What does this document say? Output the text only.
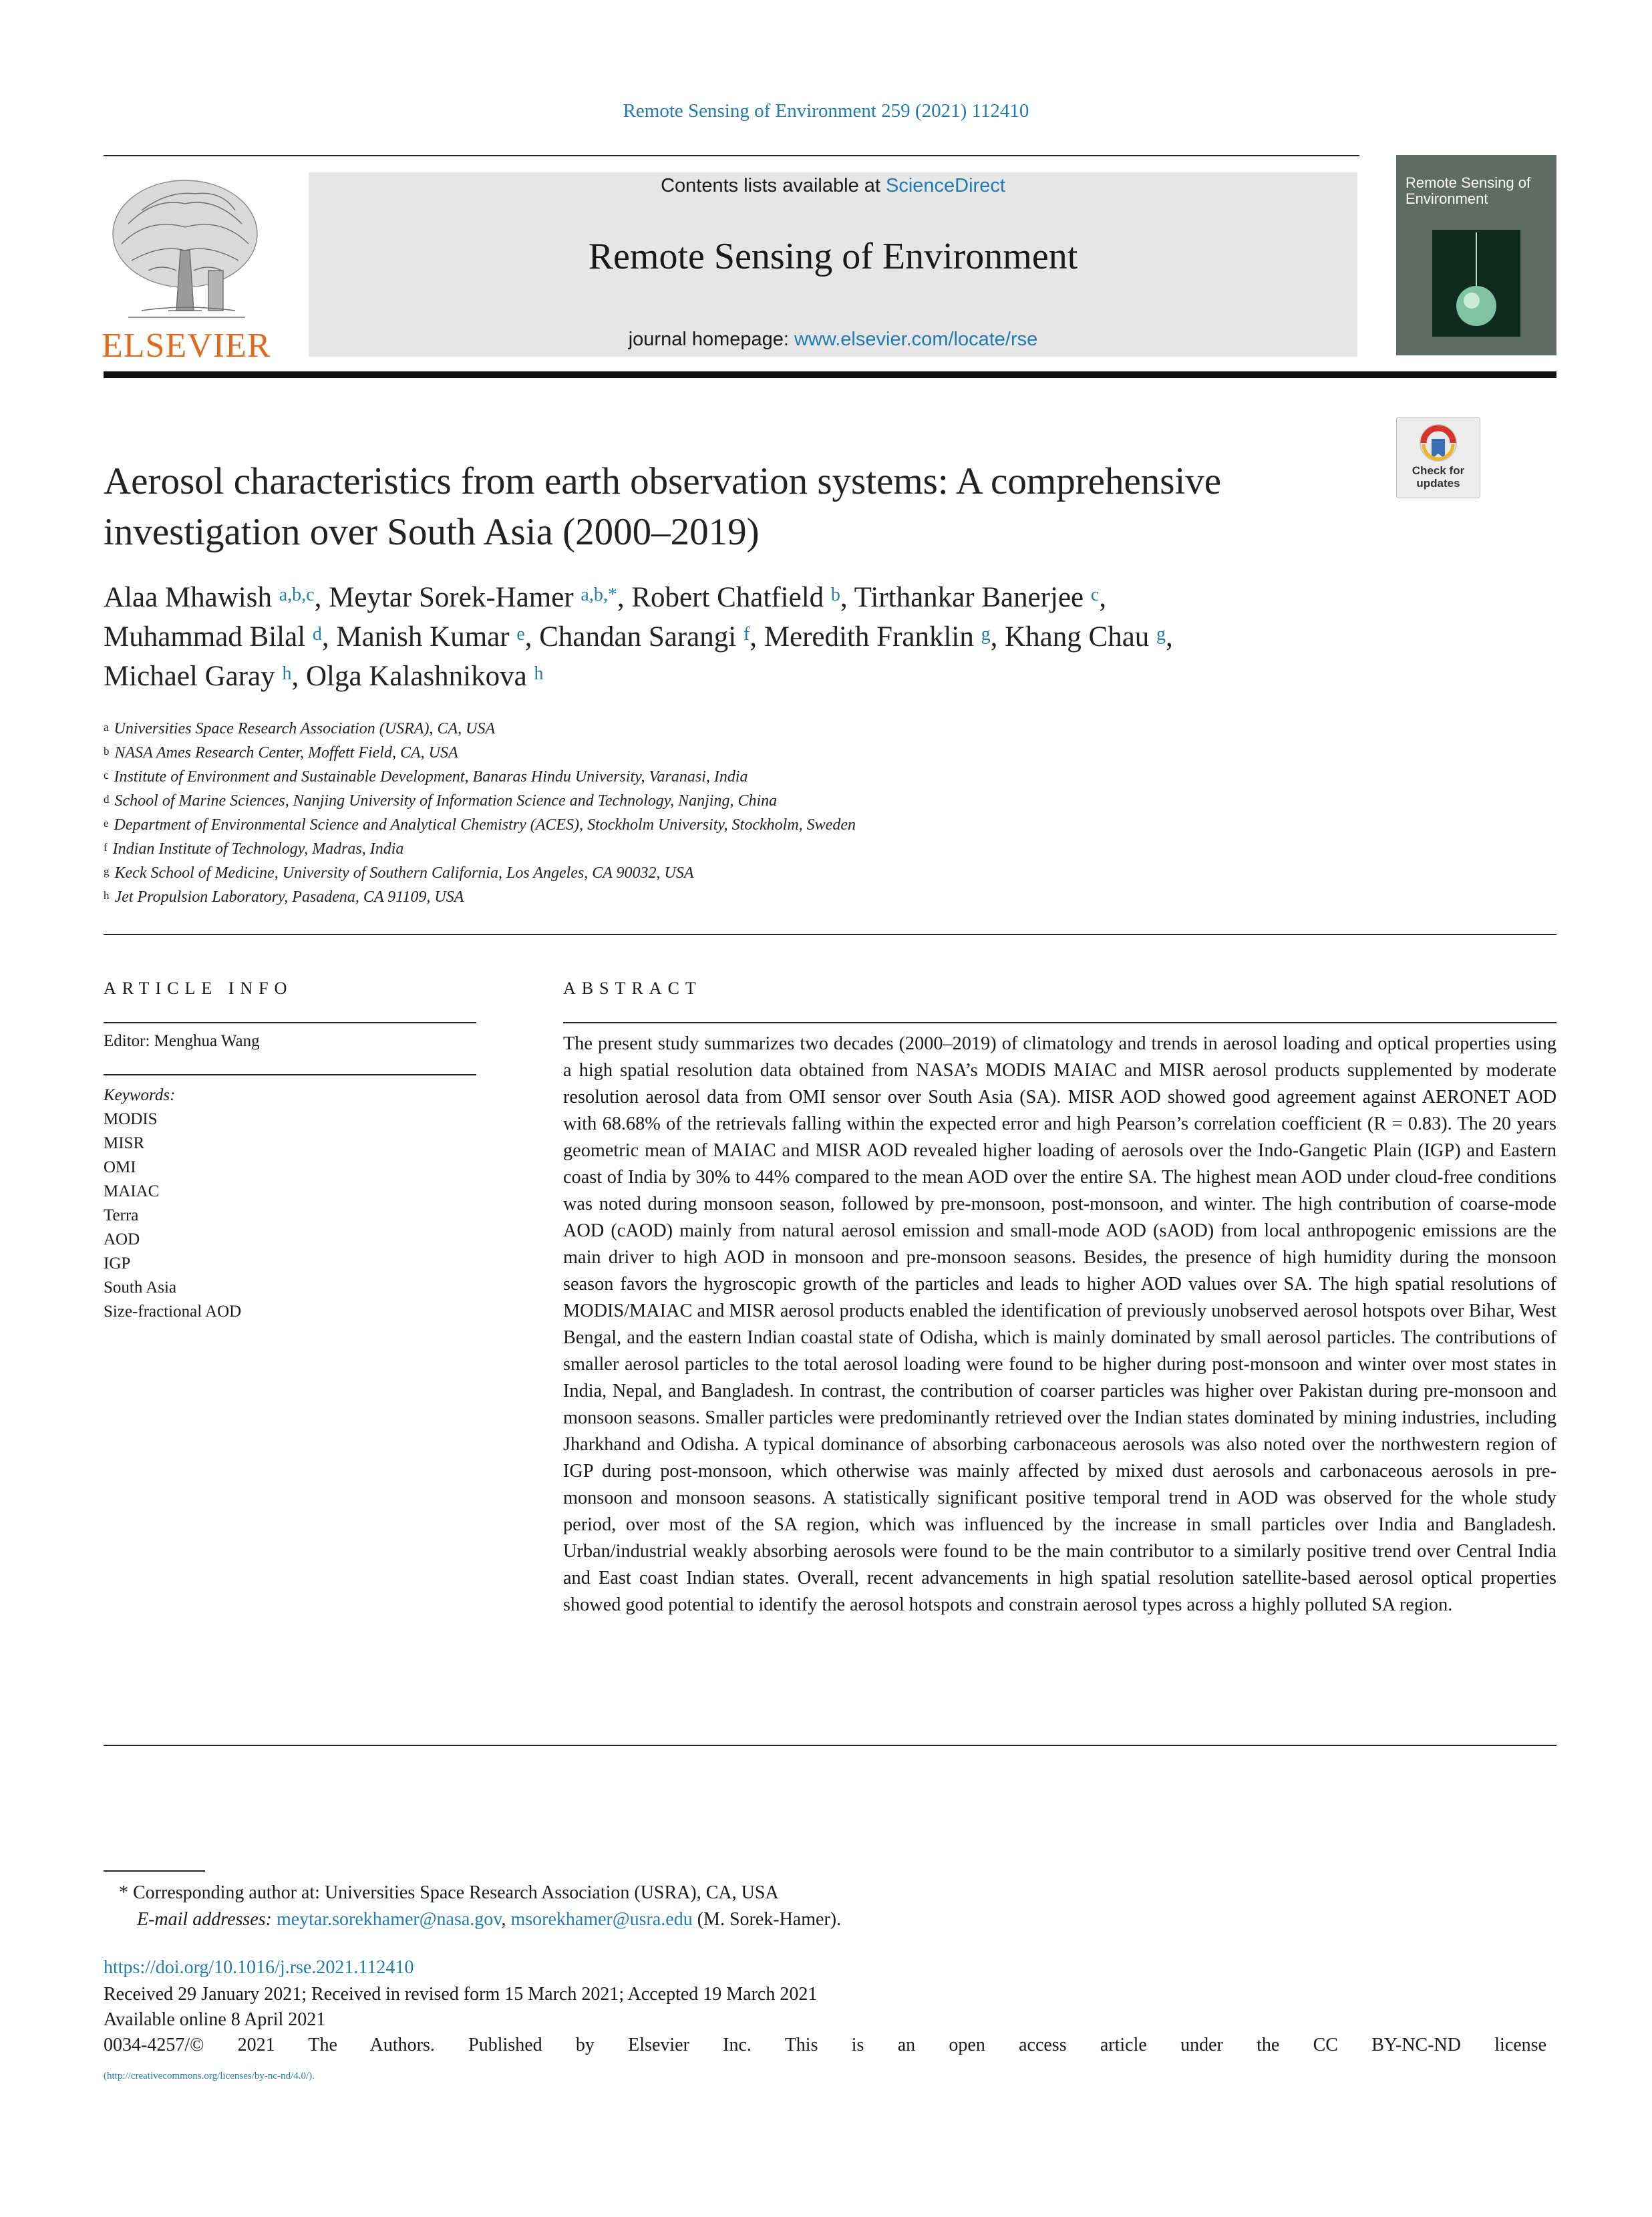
Remote Sensing of Environment 259 (2021) 112410
ELSEVIER
Contents lists available at ScienceDirect
Remote Sensing of Environment
journal homepage: www.elsevier.com/locate/rse
Remote Sensing of Environment
Check for updates
Aerosol characteristics from earth observation systems: A comprehensive
investigation over South Asia (2000–2019)
Alaa Mhawish $^{a,b,c}$, Meytar Sorek-Hamer $^{a,b,*}$, Robert Chatfield $^b$, Tirthankar Banerjee $^c$,
Muhammad Bilal $^d$, Manish Kumar $^e$, Chandan Sarangi $^f$, Meredith Franklin $^g$, Khang Chau $^g$,
Michael Garay $^h$, Olga Kalashnikova $^h$
$^a$ Universities Space Research Association (USRA), CA, USA
$^b$ NASA Ames Research Center, Moffett Field, CA, USA
$^c$ Institute of Environment and Sustainable Development, Banaras Hindu University, Varanasi, India
$^d$ School of Marine Sciences, Nanjing University of Information Science and Technology, Nanjing, China
$^e$ Department of Environmental Science and Analytical Chemistry (ACES), Stockholm University, Stockholm, Sweden
$^f$ Indian Institute of Technology, Madras, India
$^g$ Keck School of Medicine, University of Southern California, Los Angeles, CA 90032, USA
$^h$ Jet Propulsion Laboratory, Pasadena, CA 91109, USA
ARTICLE INFO
Editor: Menghua Wang
Keywords:
MODIS
MISR
OMI
MAIAC
Terra
AOD
IGP
South Asia
Size-fractional AOD
ABSTRACT
The present study summarizes two decades (2000–2019) of climatology and trends in aerosol loading and optical properties using a high spatial resolution data obtained from NASA’s MODIS MAIAC and MISR aerosol products supplemented by moderate resolution aerosol data from OMI sensor over South Asia (SA). MISR AOD showed good agreement against AERONET AOD with 68.68% of the retrievals falling within the expected error and high Pearson’s correlation coefficient (R = 0.83). The 20 years geometric mean of MAIAC and MISR AOD revealed higher loading of aerosols over the Indo-Gangetic Plain (IGP) and Eastern coast of India by 30% to 44% compared to the mean AOD over the entire SA. The highest mean AOD under cloud-free conditions was noted during monsoon season, followed by pre-monsoon, post-monsoon, and winter. The high contribution of coarse-mode AOD (cAOD) mainly from natural aerosol emission and small-mode AOD (sAOD) from local anthropogenic emissions are the main driver to high AOD in monsoon and pre-monsoon seasons. Besides, the presence of high humidity during the monsoon season favors the hygroscopic growth of the particles and leads to higher AOD values over SA. The high spatial resolutions of MODIS/MAIAC and MISR aerosol products enabled the identification of previously unobserved aerosol hotspots over Bihar, West Bengal, and the eastern Indian coastal state of Odisha, which is mainly dominated by small aerosol particles. The contributions of smaller aerosol particles to the total aerosol loading were found to be higher during post-monsoon and winter over most states in India, Nepal, and Bangladesh. In contrast, the contribution of coarser particles was higher over Pakistan during pre-monsoon and monsoon seasons. Smaller particles were predominantly retrieved over the Indian states dominated by mining industries, including Jharkhand and Odisha. A typical dominance of absorbing carbonaceous aerosols was also noted over the northwestern region of IGP during post-monsoon, which otherwise was mainly affected by mixed dust aerosols and carbonaceous aerosols in pre-monsoon and monsoon seasons. A statistically significant positive temporal trend in AOD was observed for the whole study period, over most of the SA region, which was influenced by the increase in small particles over India and Bangladesh. Urban/industrial weakly absorbing aerosols were found to be the main contributor to a similarly positive trend over Central India and East coast Indian states. Overall, recent advancements in high spatial resolution satellite-based aerosol optical properties showed good potential to identify the aerosol hotspots and constrain aerosol types across a highly polluted SA region.
* Corresponding author at: Universities Space Research Association (USRA), CA, USA
E-mail addresses: meytar.sorekhamer@nasa.gov, msorekhamer@usra.edu (M. Sorek-Hamer).
https://doi.org/10.1016/j.rse.2021.112410
Received 29 January 2021; Received in revised form 15 March 2021; Accepted 19 March 2021
Available online 8 April 2021
0034-4257/© 2021 The Authors. Published by Elsevier Inc. This is an open access article under the CC BY-NC-ND license
(http://creativecommons.org/licenses/by-nc-nd/4.0/).
